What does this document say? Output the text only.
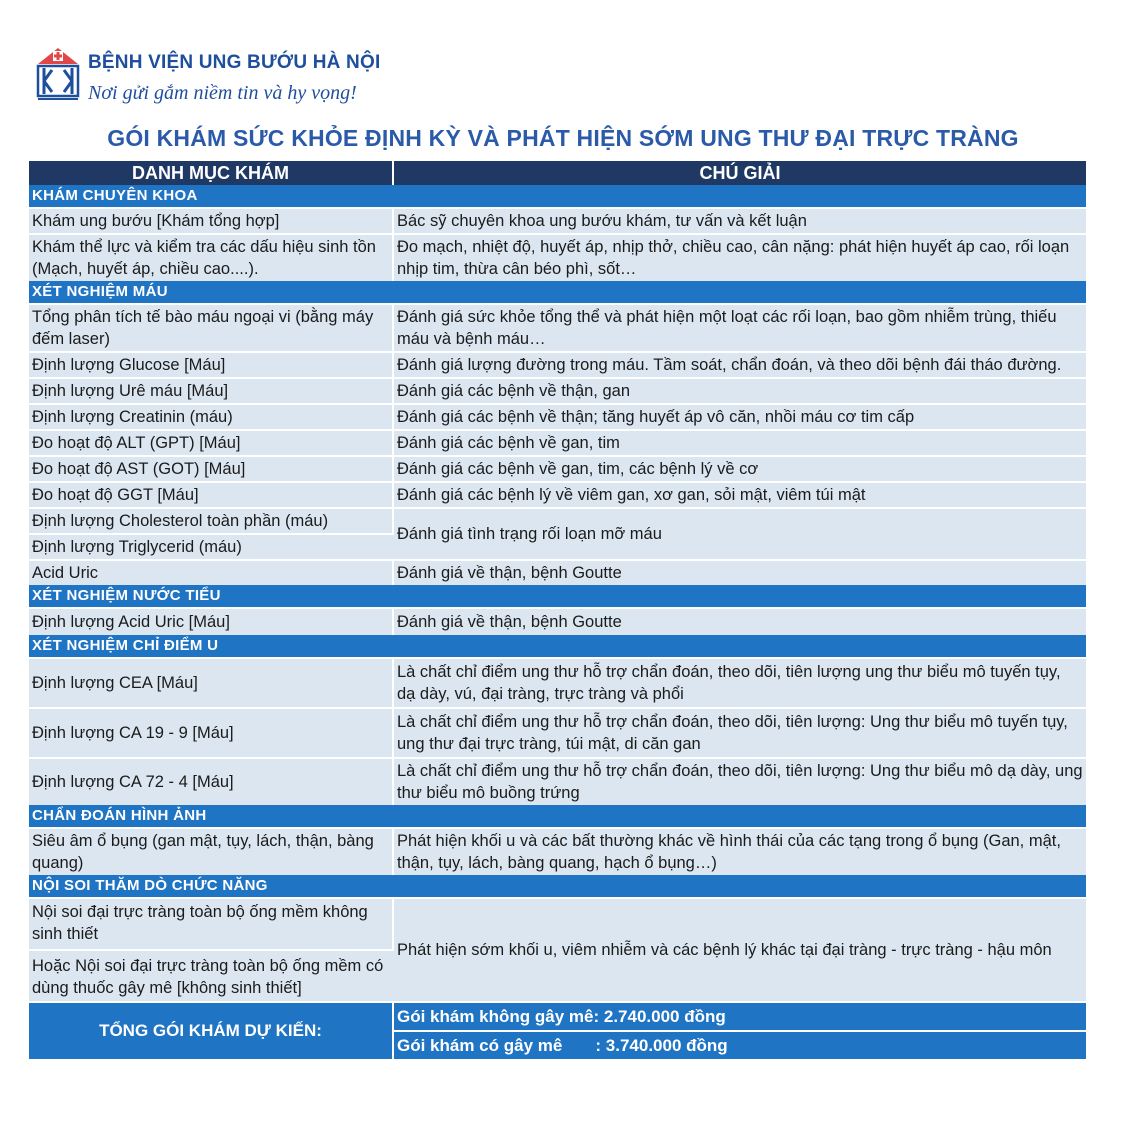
BỆNH VIỆN UNG BƯỚU HÀ NỘI
Nơi gửi gắm niềm tin và hy vọng!
GÓI KHÁM SỨC KHỎE ĐỊNH KỲ VÀ PHÁT HIỆN SỚM UNG THƯ ĐẠI TRỰC TRÀNG
DANH MỤC KHÁM	CHÚ GIẢI
KHÁM CHUYÊN KHOA	
Khám ung bướu [Khám tổng hợp]	Bác sỹ chuyên khoa ung bướu khám, tư vấn và kết luận
Khám thể lực và kiểm tra các dấu hiệu sinh tồn (Mạch, huyết áp, chiều cao....).	Đo mạch, nhiệt độ, huyết áp, nhịp thở, chiều cao, cân nặng: phát hiện huyết áp cao, rối loạn nhịp tim, thừa cân béo phì, sốt…
XÉT NGHIỆM MÁU	
Tổng phân tích tế bào máu ngoại vi (bằng máy đếm laser)	Đánh giá sức khỏe tổng thể và phát hiện một loạt các rối loạn, bao gồm nhiễm trùng, thiếu máu và bệnh máu…
Định lượng Glucose [Máu]	Đánh giá lượng đường trong máu. Tầm soát, chẩn đoán, và theo dõi bệnh đái tháo đường.
Định lượng Urê máu [Máu]	Đánh giá các bệnh về thận, gan
Định lượng Creatinin (máu)	Đánh giá các bệnh về thận; tăng huyết áp vô căn, nhồi máu cơ tim cấp
Đo hoạt độ ALT (GPT) [Máu]	Đánh giá các bệnh về gan, tim
Đo hoạt độ AST (GOT) [Máu]	Đánh giá các bệnh về gan, tim, các bệnh lý về cơ
Đo hoạt độ GGT [Máu]	Đánh giá các bệnh lý về viêm gan, xơ gan, sỏi mật, viêm túi mật
Định lượng Cholesterol toàn phần (máu)	Đánh giá tình trạng rối loạn mỡ máu
Định lượng Triglycerid (máu)	
Acid Uric	Đánh giá về thận, bệnh Goutte
XÉT NGHIỆM NƯỚC TIỂU	
Định lượng Acid Uric [Máu]	Đánh giá về thận, bệnh Goutte
XÉT NGHIỆM CHỈ ĐIỂM U	
Định lượng CEA [Máu]	Là chất chỉ điểm ung thư hỗ trợ chẩn đoán, theo dõi, tiên lượng ung thư biểu mô tuyến tụy, dạ dày, vú, đại tràng, trực tràng và phổi
Định lượng CA 19 - 9 [Máu]	Là chất chỉ điểm ung thư hỗ trợ chẩn đoán, theo dõi, tiên lượng: Ung thư biểu mô tuyến tụy, ung thư đại trực tràng, túi mật, di căn gan
Định lượng CA 72 - 4 [Máu]	Là chất chỉ điểm ung thư hỗ trợ chẩn đoán, theo dõi, tiên lượng: Ung thư biểu mô dạ dày, ung thư biểu mô buồng trứng
CHẨN ĐOÁN HÌNH ẢNH	
Siêu âm ổ bụng (gan mật, tụy, lách, thận, bàng quang)	Phát hiện khối u và các bất thường khác về hình thái của các tạng trong ổ bụng (Gan, mật, thận, tụy, lách, bàng quang, hạch ổ bụng…)
NỘI SOI THĂM DÒ CHỨC NĂNG	
Nội soi đại trực tràng toàn bộ ống mềm không sinh thiết	Phát hiện sớm khối u, viêm nhiễm và các bệnh lý khác tại đại tràng - trực tràng - hậu môn
Hoặc Nội soi đại trực tràng toàn bộ ống mềm có dùng thuốc gây mê [không sinh thiết]	
TỔNG GÓI KHÁM DỰ KIẾN:	Gói khám không gây mê: 2.740.000 đồng
	Gói khám có gây mê       : 3.740.000 đồng
